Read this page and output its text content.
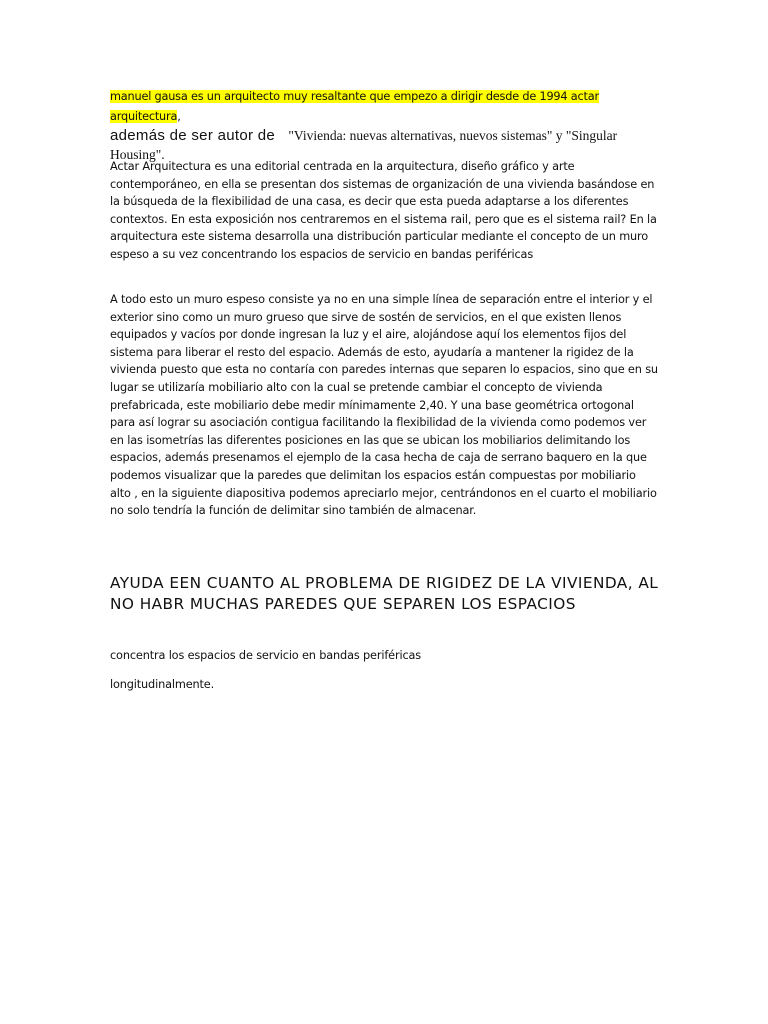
manuel gausa es un arquitecto muy resaltante que empezo a dirigir desde de 1994 actar arquitectura,
además de ser autor de "Vivienda: nuevas alternativas, nuevos sistemas" y "Singular Housing".

Actar Arquitectura es una editorial centrada en la arquitectura, diseño gráfico y arte contemporáneo, en ella se presentan dos sistemas de organización de una vivienda basándose en la búsqueda de la flexibilidad de una casa, es decir que esta pueda adaptarse a los diferentes contextos. En esta exposición nos centraremos en el sistema rail, pero que es el sistema rail? En la arquitectura este sistema desarrolla una distribución particular mediante el concepto de un muro espeso a su vez concentrando los espacios de servicio en bandas periféricas

A todo esto un muro espeso consiste ya no en una simple línea de separación entre el interior y el exterior sino como un muro grueso que sirve de sostén de servicios, en el que existen llenos equipados y vacíos por donde ingresan la luz y el aire, alojándose aquí los elementos fijos del sistema para liberar el resto del espacio. Además de esto, ayudaría a mantener la rigidez de la vivienda puesto que esta no contaría con paredes internas que separen lo espacios, sino que en su lugar se utilizaría mobiliario alto con la cual se pretende cambiar el concepto de vivienda prefabricada, este mobiliario debe medir mínimamente 2,40. Y una base geométrica ortogonal para así lograr su asociación contigua facilitando la flexibilidad de la vivienda como podemos ver en las isometrías las diferentes posiciones en las que se ubican los mobiliarios delimitando los espacios, además presenamos el ejemplo de la casa hecha de caja de serrano baquero en la que podemos visualizar que la paredes que delimitan los espacios están compuestas por mobiliario alto , en la siguiente diapositiva podemos apreciarlo mejor, centrándonos en el cuarto el mobiliario no solo tendría la función de delimitar sino también de almacenar.

AYUDA EEN CUANTO AL PROBLEMA DE RIGIDEZ DE LA VIVIENDA, AL NO HABR MUCHAS PAREDES QUE SEPAREN LOS ESPACIOS

concentra los espacios de servicio en bandas periféricas

longitudinalmente.
